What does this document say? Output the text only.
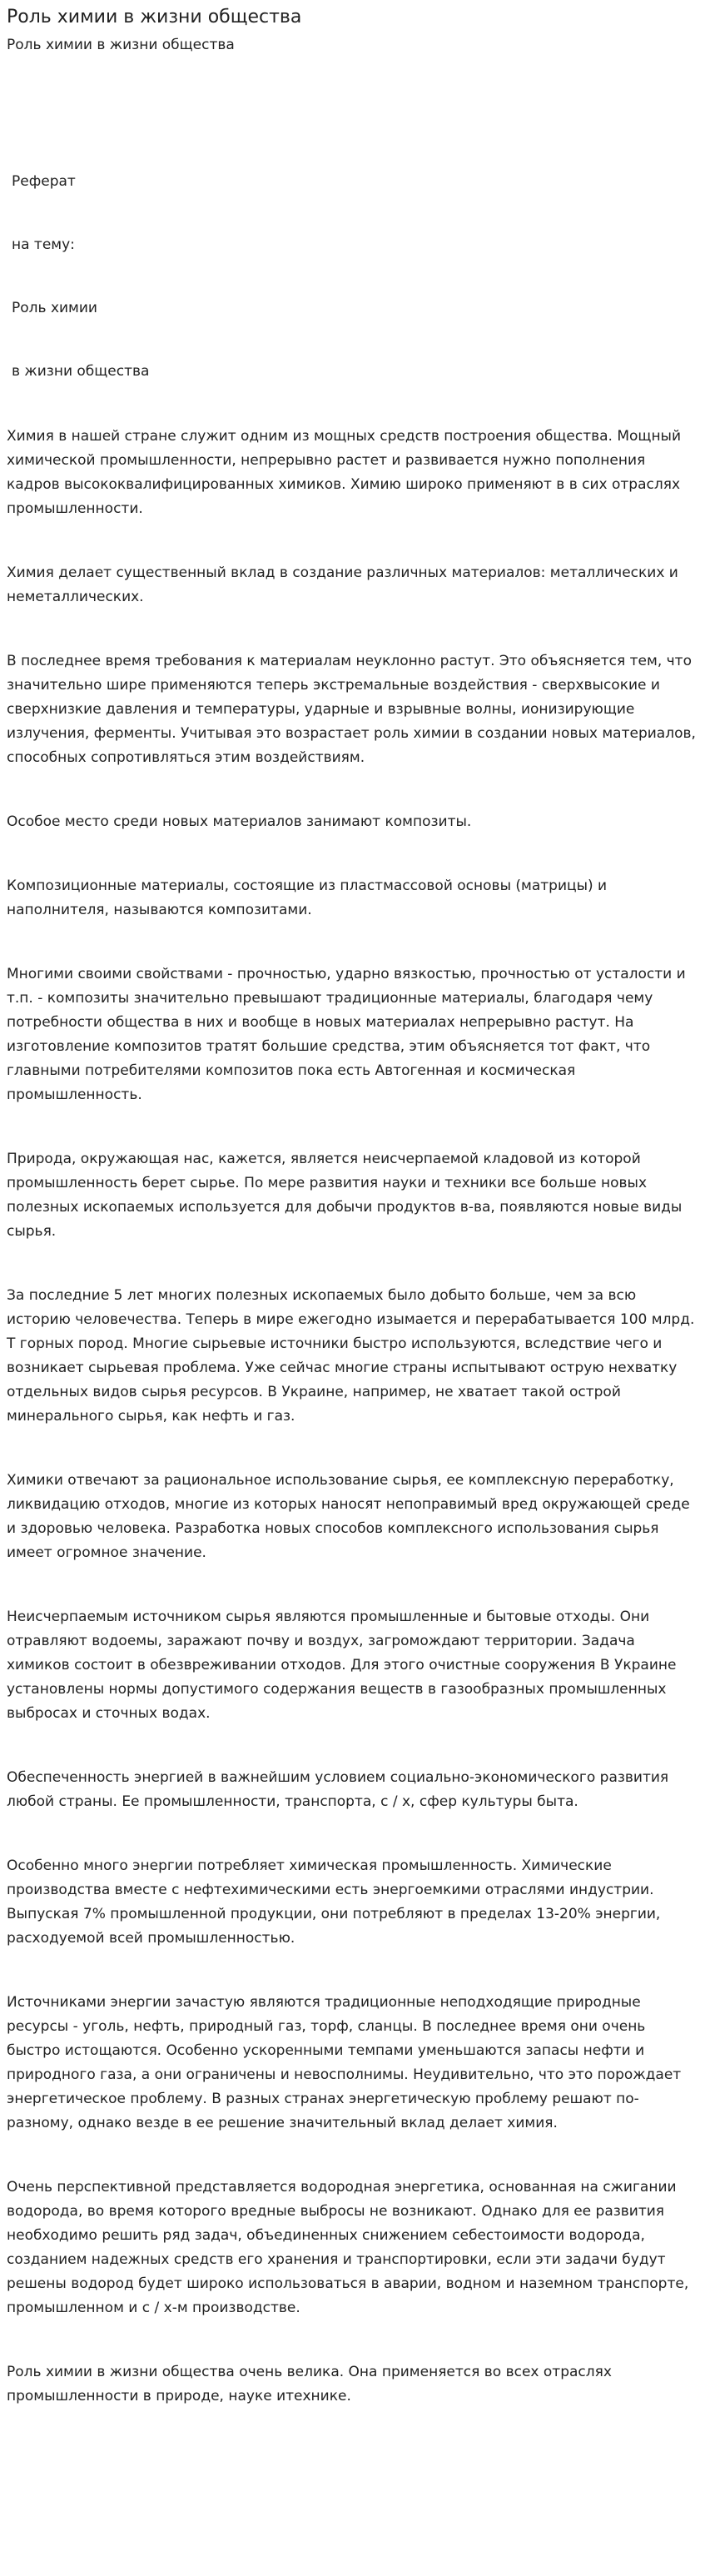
Роль химии в жизни общества
Роль химии в жизни общества

Реферат

на тему:

Роль химии

в жизни общества

Химия в нашей стране служит одним из мощных средств построения общества. Мощный химической промышленности, непрерывно растет и развивается нужно пополнения кадров высококвалифицированных химиков. Химию широко применяют в в сих отраслях промышленности.

Химия делает существенный вклад в создание различных материалов: металлических и неметаллических.

В последнее время требования к материалам неуклонно растут. Это объясняется тем, что значительно шире применяются теперь экстремальные воздействия - сверхвысокие и сверхнизкие давления и температуры, ударные и взрывные волны, ионизирующие излучения, ферменты. Учитывая это возрастает роль химии в создании новых материалов, способных сопротивляться этим воздействиям.

Особое место среди новых материалов занимают композиты.

Композиционные материалы, состоящие из пластмассовой основы (матрицы) и наполнителя, называются композитами.

Многими своими свойствами - прочностью, ударно вязкостью, прочностью от усталости и т.п. - композиты значительно превышают традиционные материалы, благодаря чему потребности общества в них и вообще в новых материалах непрерывно растут. На изготовление композитов тратят большие средства, этим объясняется тот факт, что главными потребителями композитов пока есть Автогенная и космическая промышленность.

Природа, окружающая нас, кажется, является неисчерпаемой кладовой из которой промышленность берет сырье. По мере развития науки и техники все больше новых полезных ископаемых используется для добычи продуктов в-ва, появляются новые виды сырья.

За последние 5 лет многих полезных ископаемых было добыто больше, чем за всю историю человечества. Теперь в мире ежегодно изымается и перерабатывается 100 млрд. Т горных пород. Многие сырьевые источники быстро используются, вследствие чего и возникает сырьевая проблема. Уже сейчас многие страны испытывают острую нехватку отдельных видов сырья ресурсов. В Украине, например, не хватает такой острой минерального сырья, как нефть и газ.

Химики отвечают за рациональное использование сырья, ее комплексную переработку, ликвидацию отходов, многие из которых наносят непоправимый вред окружающей среде и здоровью человека. Разработка новых способов комплексного использования сырья имеет огромное значение.

Неисчерпаемым источником сырья являются промышленные и бытовые отходы. Они отравляют водоемы, заражают почву и воздух, загромождают территории. Задача химиков состоит в обезвреживании отходов. Для этого очистные сооружения В Украине установлены нормы допустимого содержания веществ в газообразных промышленных выбросах и сточных водах.

Обеспеченность энергией в важнейшим условием социально-экономического развития любой страны. Ее промышленности, транспорта, с / х, сфер культуры быта.

Особенно много энергии потребляет химическая промышленность. Химические производства вместе с нефтехимическими есть энергоемкими отраслями индустрии. Выпуская 7% промышленной продукции, они потребляют в пределах 13-20% энергии, расходуемой всей промышленностью.

Источниками энергии зачастую являются традиционные неподходящие природные ресурсы - уголь, нефть, природный газ, торф, сланцы. В последнее время они очень быстро истощаются. Особенно ускоренными темпами уменьшаются запасы нефти и природного газа, а они ограничены и невосполнимы. Неудивительно, что это порождает энергетическое проблему. В разных странах энергетическую проблему решают по-разному, однако везде в ее решение значительный вклад делает химия.

Очень перспективной представляется водородная энергетика, основанная на сжигании водорода, во время которого вредные выбросы не возникают. Однако для ее развития необходимо решить ряд задач, объединенных снижением себестоимости водорода, созданием надежных средств его хранения и транспортировки, если эти задачи будут решены водород будет широко использоваться в аварии, водном и наземном транспорте, промышленном и с / х-м производстве.

Роль химии в жизни общества очень велика. Она применяется во всех отраслях промышленности в природе, науке итехнике.
